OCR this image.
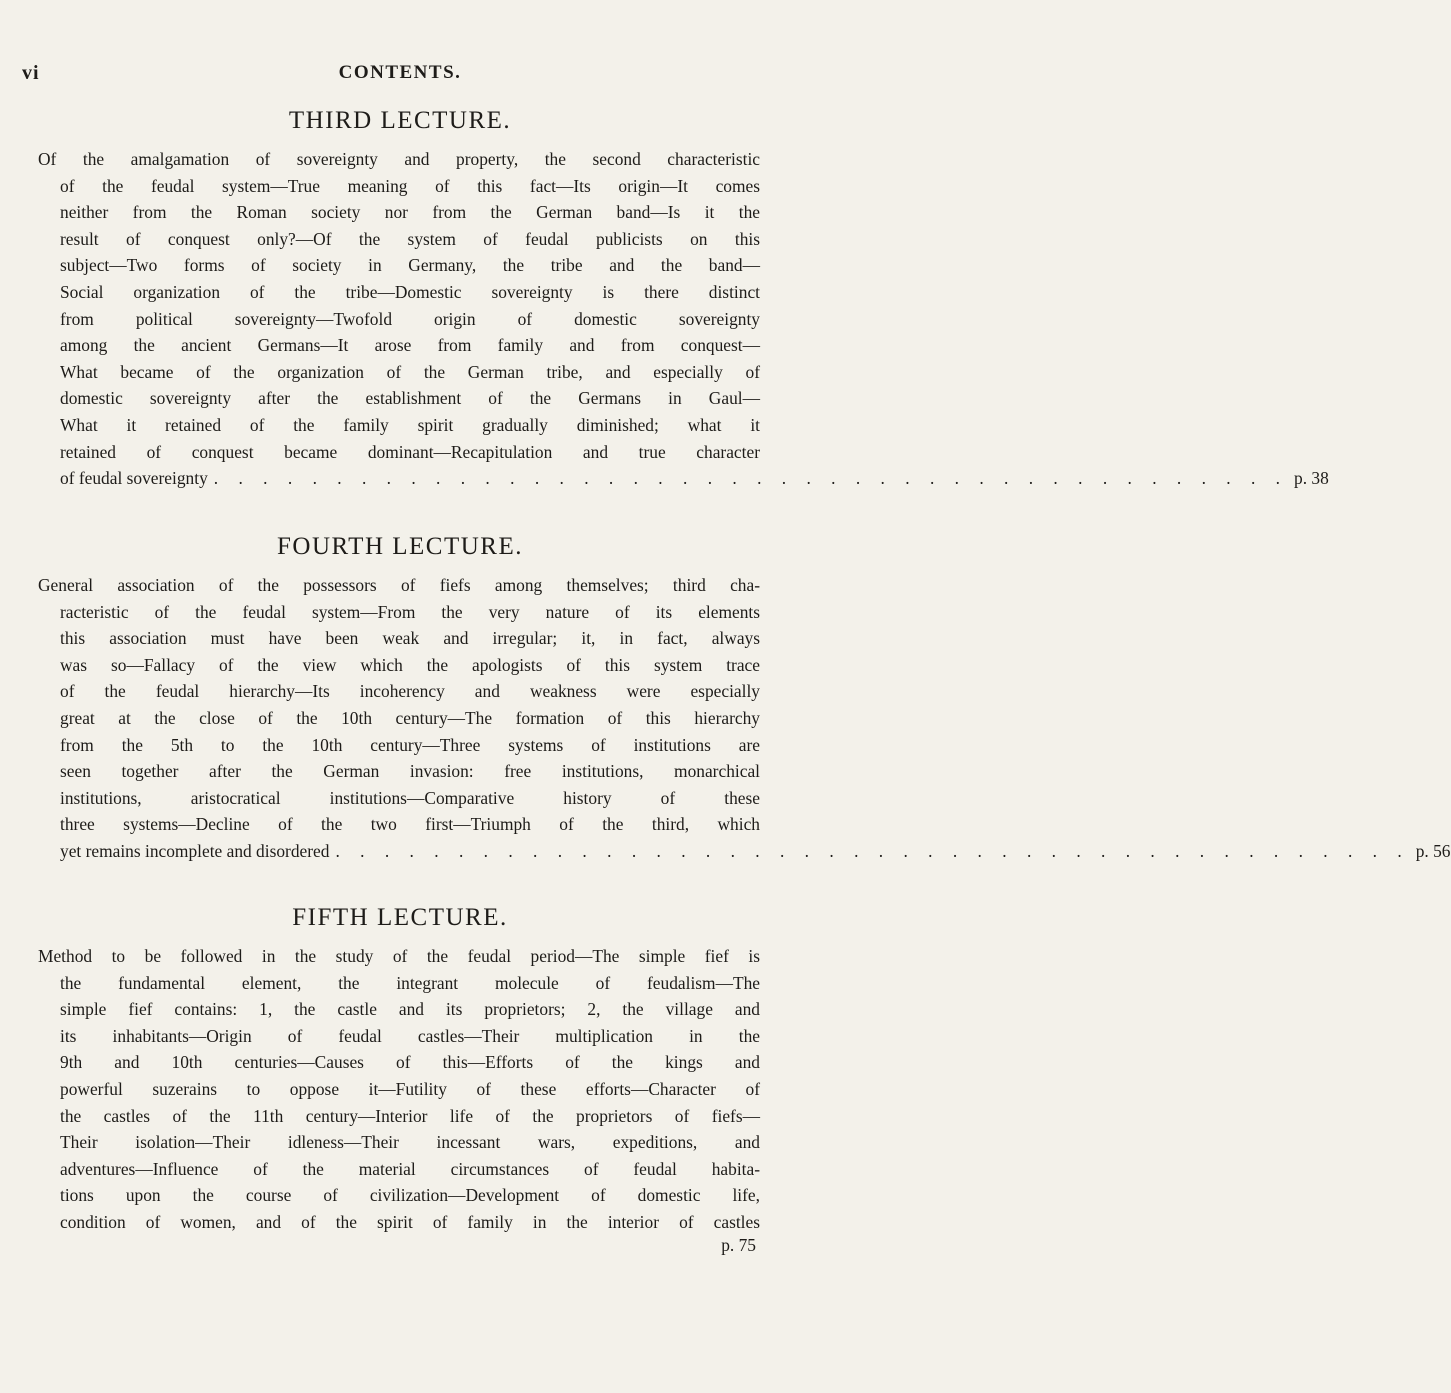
vi	CONTENTS.
THIRD LECTURE.
Of the amalgamation of sovereignty and property, the second characteristic
of the feudal system—True meaning of this fact—Its origin—It comes
neither from the Roman society nor from the German band—Is it the
result of conquest only?—Of the system of feudal publicists on this
subject—Two forms of society in Germany, the tribe and the band—
Social organization of the tribe—Domestic sovereignty is there distinct
from political sovereignty—Twofold origin of domestic sovereignty
among the ancient Germans—It arose from family and from conquest—
What became of the organization of the German tribe, and especially of
domestic sovereignty after the establishment of the Germans in Gaul—
What it retained of the family spirit gradually diminished; what it
retained of conquest became dominant—Recapitulation and true character
of feudal sovereignty . . . . . . . . . . . . . . . . . . . . . . . . . . . . . . . . . . . . . . . . . . . . p. 38
FOURTH LECTURE.
General association of the possessors of fiefs among themselves; third cha-
racteristic of the feudal system—From the very nature of its elements
this association must have been weak and irregular; it, in fact, always
was so—Fallacy of the view which the apologists of this system trace
of the feudal hierarchy—Its incoherency and weakness were especially
great at the close of the 10th century—The formation of this hierarchy
from the 5th to the 10th century—Three systems of institutions are
seen together after the German invasion: free institutions, monarchical
institutions, aristocratical institutions—Comparative history of these
three systems—Decline of the two first—Triumph of the third, which
yet remains incomplete and disordered . . . . . . . . . . . . . . . . . . . . . . . . . . . . . . . . . . . . . . . . . . . . p. 56
FIFTH LECTURE.
Method to be followed in the study of the feudal period—The simple fief is
the fundamental element, the integrant molecule of feudalism—The
simple fief contains: 1, the castle and its proprietors; 2, the village and
its inhabitants—Origin of feudal castles—Their multiplication in the
9th and 10th centuries—Causes of this—Efforts of the kings and
powerful suzerains to oppose it—Futility of these efforts—Character of
the castles of the 11th century—Interior life of the proprietors of fiefs—
Their isolation—Their idleness—Their incessant wars, expeditions, and
adventures—Influence of the material circumstances of feudal habita-
tions upon the course of civilization—Development of domestic life,
condition of women, and of the spirit of family in the interior of castles
p. 75
